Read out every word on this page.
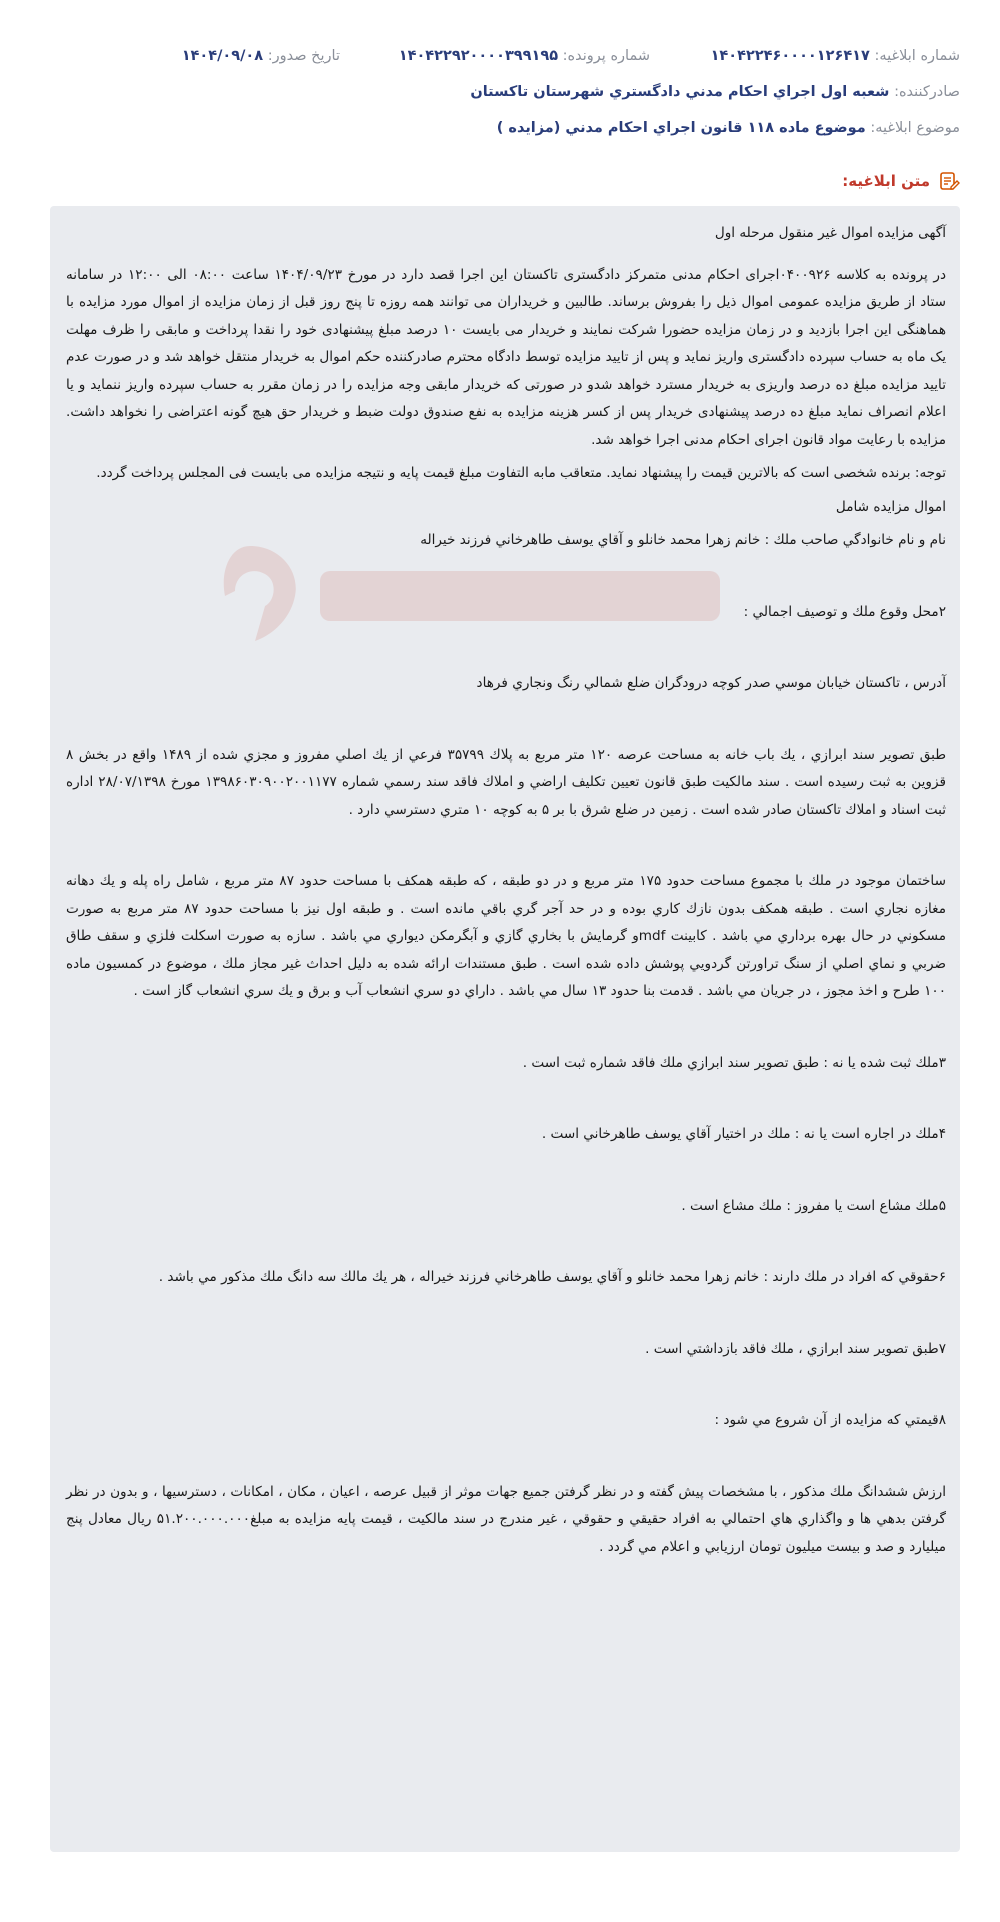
شماره ابلاغيه: ۱۴۰۴۲۲۴۶۰۰۰۰۱۲۶۴۱۷
شماره پرونده: ۱۴۰۴۲۲۹۲۰۰۰۰۳۹۹۱۹۵
تاريخ صدور: ۱۴۰۴/۰۹/۰۸
صادرکننده: شعبه اول اجراي احکام مدني دادگستري شهرستان تاکستان
موضوع ابلاغيه: موضوع ماده ۱۱۸ قانون اجراي احکام مدني (مزايده )
متن ابلاغيه:

آگهی مزایده اموال غیر منقول مرحله اول

در پرونده به کلاسه ۰۴۰۰۹۲۶اجرای احکام مدنی متمرکز دادگستری تاکستان این اجرا قصد دارد در مورخ ۱۴۰۴/۰۹/۲۳ ساعت ۰۸:۰۰ الی ۱۲:۰۰ در سامانه ستاد از طریق مزایده عمومی اموال ذیل را بفروش برساند. طالبین و خریداران می توانند همه روزه تا پنج روز قبل از زمان مزایده از اموال مورد مزایده با هماهنگی این اجرا بازدید و در زمان مزایده حضورا شرکت نمایند و خریدار می بایست ۱۰ درصد مبلغ پیشنهادی خود را نقدا پرداخت و مابقی را ظرف مهلت یک ماه به حساب سپرده دادگستری واریز نماید و پس از تایید مزایده توسط دادگاه محترم صادرکننده حکم اموال به خریدار منتقل خواهد شد و در صورت عدم تایید مزایده مبلغ ده درصد واریزی به خریدار مسترد خواهد شدو در صورتی که خریدار مابقی وجه مزایده را در زمان مقرر به حساب سپرده واریز ننماید و یا اعلام انصراف نماید مبلغ ده درصد پیشنهادی خریدار پس از کسر هزینه مزایده به نفع صندوق دولت ضبط و خریدار حق هیچ گونه اعتراضی را نخواهد داشت. مزایده با رعایت مواد قانون اجرای احکام مدنی اجرا خواهد شد.

توجه: برنده شخصی است که بالاترین قیمت را پیشنهاد نماید. متعاقب مابه التفاوت مبلغ قیمت پایه و نتیجه مزایده می بایست فی المجلس پرداخت گردد.

اموال مزایده شامل

نام و نام خانوادگي صاحب ملك : خانم زهرا محمد خانلو و آقاي يوسف طاهرخاني فرزند خيراله

۲محل وقوع ملك و توصيف اجمالي :

آدرس ، تاكستان خيابان موسي صدر كوچه درودگران ضلع شمالي رنگ ونجاري فرهاد

طبق تصوير سند ابرازي ، يك باب خانه به مساحت عرصه ۱۲۰ متر مربع به پلاك ۳۵۷۹۹ فرعي از يك اصلي مفروز و مجزي شده از ۱۴۸۹ واقع در بخش ۸ قزوين به ثبت رسيده است . سند مالكيت طبق قانون تعيين تكليف اراضي و املاك فاقد سند رسمي شماره ۱۳۹۸۶۰۳۰۹۰۰۲۰۰۱۱۷۷ مورخ ۲۸/۰۷/۱۳۹۸ اداره ثبت اسناد و املاك تاكستان صادر شده است . زمين در ضلع شرق با بر ۵ به كوچه ۱۰ متري دسترسي دارد .

ساختمان موجود در ملك با مجموع مساحت حدود ۱۷۵ متر مربع و در دو طبقه ، كه طبقه همكف با مساحت حدود ۸۷ متر مربع ، شامل راه پله و يك دهانه مغازه نجاري است . طبقه همكف بدون نازك كاري بوده و در حد آجر گري باقي مانده است . و طبقه اول نيز با مساحت حدود ۸۷ متر مربع به صورت مسكوني در حال بهره برداري مي باشد . كابينت mdfو گرمايش با بخاري گازي و آبگرمكن ديواري مي باشد . سازه به صورت اسكلت فلزي و سقف طاق ضربي و نماي اصلي از سنگ تراورتن گردويي پوشش داده شده است . طبق مستندات ارائه شده به دليل احداث غير مجاز ملك ، موضوع در كمسيون ماده ۱۰۰ طرح و اخذ مجوز ، در جريان مي باشد . قدمت بنا حدود ۱۳ سال مي باشد . داراي دو سري انشعاب آب و برق و يك سري انشعاب گاز است .

۳ملك ثبت شده يا نه : طبق تصوير سند ابرازي ملك فاقد شماره ثبت است .

۴ملك در اجاره است يا نه : ملك در اختيار آقاي يوسف طاهرخاني است .

۵ملك مشاع است يا مفروز : ملك مشاع است .

۶حقوقي كه افراد در ملك دارند : خانم زهرا محمد خانلو و آقاي يوسف طاهرخاني فرزند خيراله ، هر يك مالك سه دانگ ملك مذكور مي باشد .

۷طبق تصوير سند ابرازي ، ملك فاقد بازداشتي است .

۸قيمتي كه مزايده از آن شروع مي شود :

ارزش ششدانگ ملك مذكور ، با مشخصات پيش گفته و در نظر گرفتن جميع جهات موثر از قبيل عرصه ، اعيان ، مكان ، امكانات ، دسترسيها ، و بدون در نظر گرفتن بدهي ها و واگذاري هاي احتمالي به افراد حقيقي و حقوقي ، غير مندرج در سند مالكيت ، قيمت پايه مزايده به مبلغ۵۱.۲۰۰.۰۰۰.۰۰۰ ريال معادل پنج ميليارد و صد و بيست ميليون تومان ارزيابي و اعلام مي گردد .
